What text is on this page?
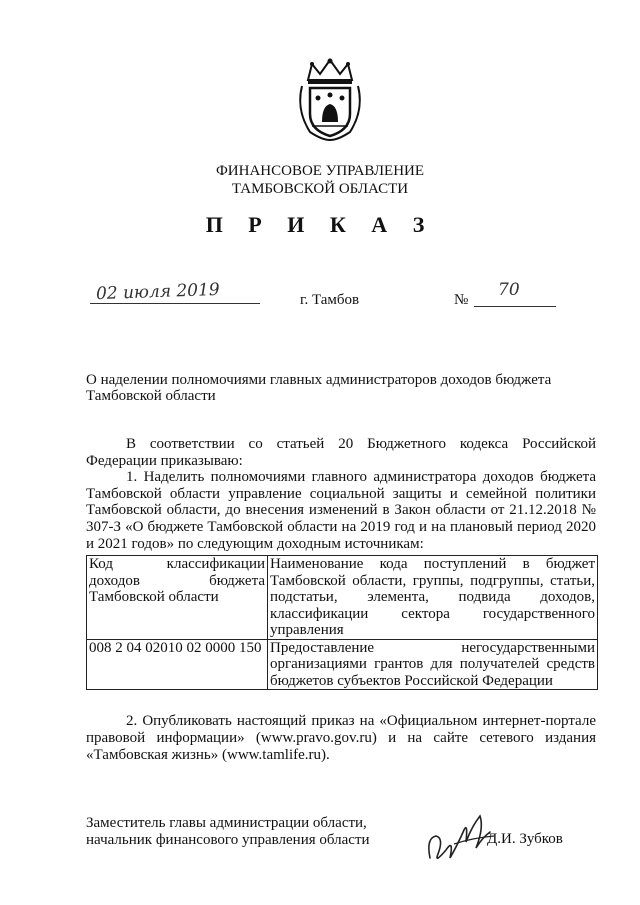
ФИНАНСОВОЕ УПРАВЛЕНИЕ
ТАМБОВСКОЙ ОБЛАСТИ
П Р И К А З
02 июля 2019	г. Тамбов	№ 70
О наделении полномочиями главных администраторов доходов бюджета Тамбовской области

В соответствии со статьей 20 Бюджетного кодекса Российской Федерации приказываю:

1. Наделить полномочиями главного администратора доходов бюджета Тамбовской области управление социальной защиты и семейной политики Тамбовской области, до внесения изменений в Закон области от 21.12.2018 № 307-З «О бюджете Тамбовской области на 2019 год и на плановый период 2020 и 2021 годов» по следующим доходным источникам:

Код классификации доходов бюджета Тамбовской области	Наименование кода поступлений в бюджет Тамбовской области, группы, подгруппы, статьи, подстатьи, элемента, подвида доходов, классификации сектора государственного управления
008 2 04 02010 02 0000 150	Предоставление негосударственными организациями грантов для получателей средств бюджетов субъектов Российской Федерации

2. Опубликовать настоящий приказ на «Официальном интернет-портале правовой информации» (www.pravo.gov.ru) и на сайте сетевого издания «Тамбовская жизнь» (www.tamlife.ru).

Заместитель главы администрации области,
начальник финансового управления области	Д.И. Зубков
